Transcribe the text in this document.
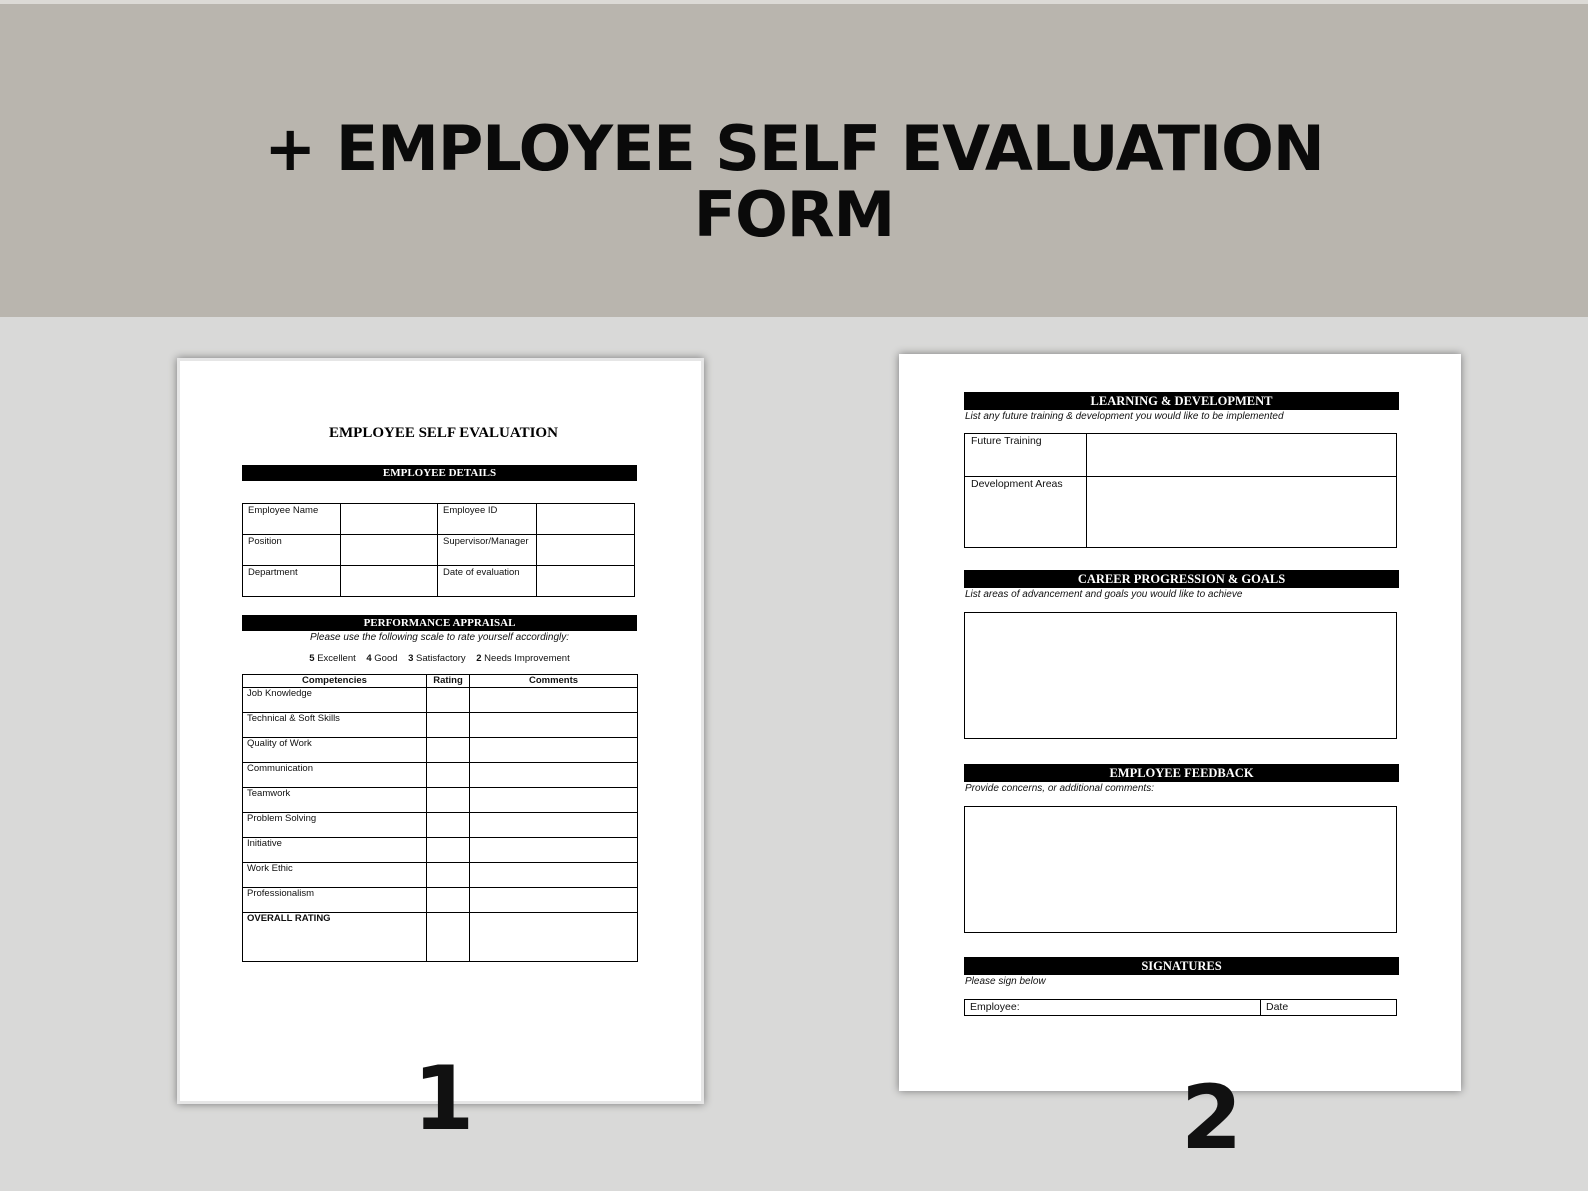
+ EMPLOYEE SELF EVALUATION
FORM
EMPLOYEE SELF EVALUATION
EMPLOYEE DETAILS
Employee Name		Employee ID	
Position		Supervisor/Manager	
Department		Date of evaluation	
PERFORMANCE APPRAISAL
Please use the following scale to rate yourself accordingly:
5 Excellent 4 Good 3 Satisfactory 2 Needs Improvement
Competencies	Rating	Comments
Job Knowledge		
Technical & Soft Skills		
Quality of Work		
Communication		
Teamwork		
Problem Solving		
Initiative		
Work Ethic		
Professionalism		
OVERALL RATING		
1
LEARNING & DEVELOPMENT
List any future training & development you would like to be implemented
Future Training	
Development Areas	
CAREER PROGRESSION & GOALS
List areas of advancement and goals you would like to achieve
EMPLOYEE FEEDBACK
Provide concerns, or additional comments:
SIGNATURES
Please sign below
Employee:	Date
2
